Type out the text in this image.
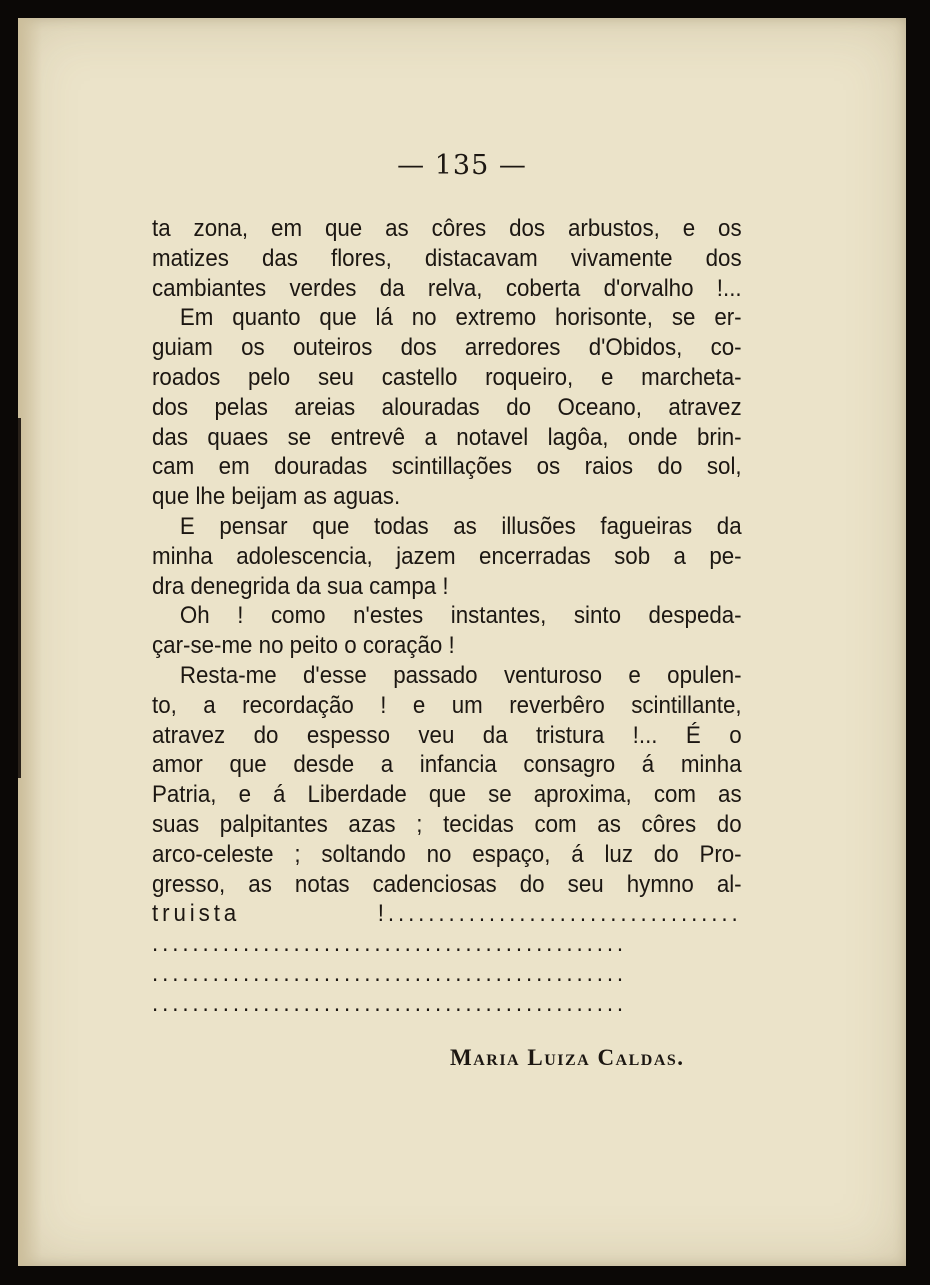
— 135 —
ta zona, em que as côres dos arbustos, e os
matizes das flores, distacavam vivamente dos
cambiantes verdes da relva, coberta d'orvalho !...
Em quanto que lá no extremo horisonte, se er-
guiam os outeiros dos arredores d'Obidos, co-
roados pelo seu castello roqueiro, e marcheta-
dos pelas areias alouradas do Oceano, atravez
das quaes se entrevê a notavel lagôa, onde brin-
cam em douradas scintillações os raios do sol,
que lhe beijam as aguas.
E pensar que todas as illusões fagueiras da
minha adolescencia, jazem encerradas sob a pe-
dra denegrida da sua campa !
Oh ! como n'estes instantes, sinto despeda-
çar-se-me no peito o coração !
Resta-me d'esse passado venturoso e opulen-
to, a recordação ! e um reverbêro scintillante,
atravez do espesso veu da tristura !... É o
amor que desde a infancia consagro á minha
Patria, e á Liberdade que se aproxima, com as
suas palpitantes azas ; tecidas com as côres do
arco-celeste ; soltando no espaço, á luz do Pro-
gresso, as notas cadenciosas do seu hymno al-
truista !...................................
...............................................
...............................................
...............................................
Maria Luiza Caldas.
